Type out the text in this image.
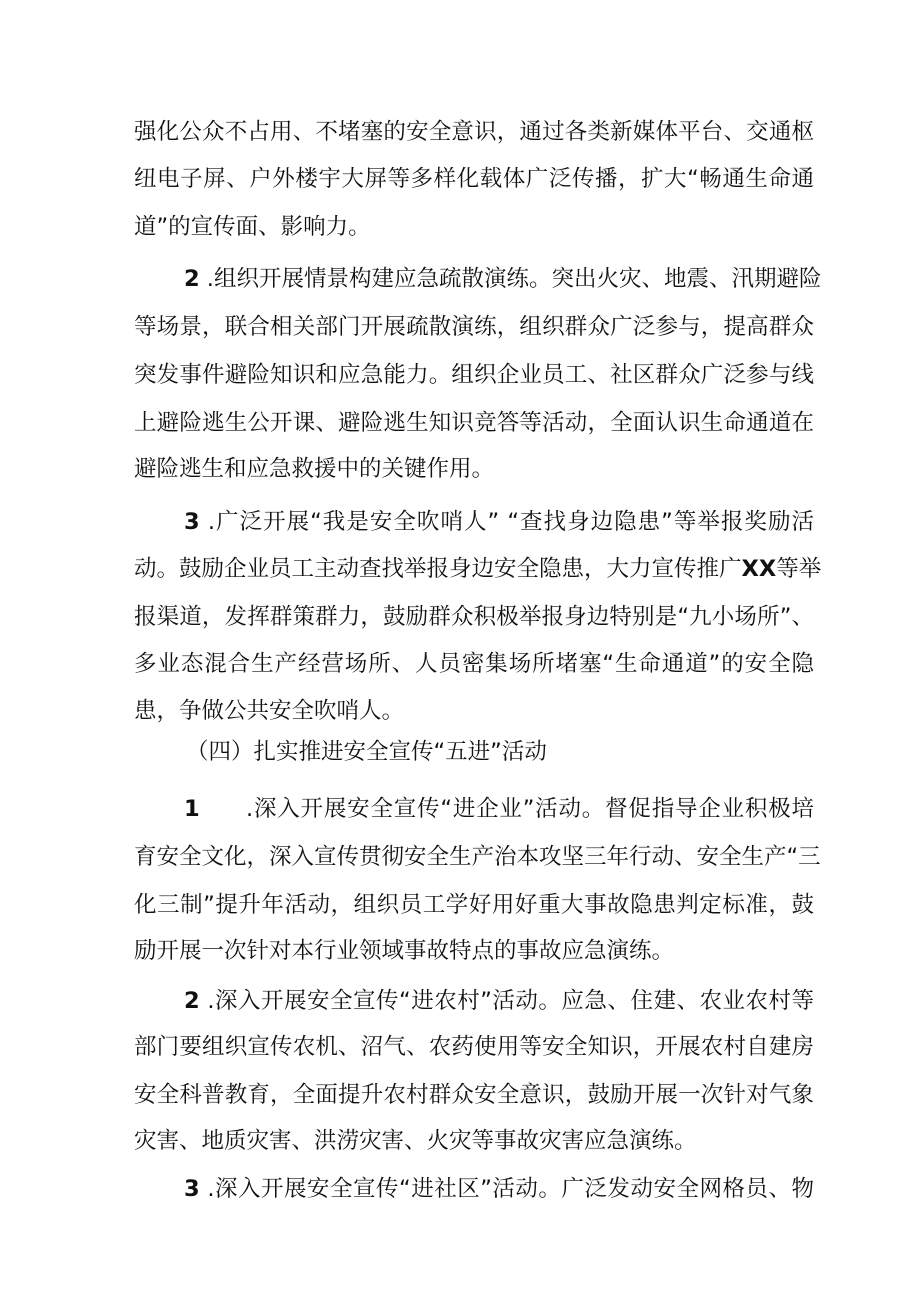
强化公众不占用、不堵塞的安全意识，通过各类新媒体平台、交通枢
纽电子屏、户外楼宇大屏等多样化载体广泛传播，扩大“畅通生命通
道”的宣传面、影响力。
2 .组织开展情景构建应急疏散演练。突出火灾、地震、汛期避险
等场景，联合相关部门开展疏散演练，组织群众广泛参与，提高群众
突发事件避险知识和应急能力。组织企业员工、社区群众广泛参与线
上避险逃生公开课、避险逃生知识竞答等活动，全面认识生命通道在
避险逃生和应急救援中的关键作用。
3 .广泛开展“我是安全吹哨人” “查找身边隐患”等举报奖励活
动。鼓励企业员工主动查找举报身边安全隐患，大力宣传推广XX等举
报渠道，发挥群策群力，鼓励群众积极举报身边特别是“九小场所”、
多业态混合生产经营场所、人员密集场所堵塞“生命通道”的安全隐
患，争做公共安全吹哨人。
（四）扎实推进安全宣传“五进”活动
1 .深入开展安全宣传“进企业”活动。督促指导企业积极培
育安全文化，深入宣传贯彻安全生产治本攻坚三年行动、安全生产“三
化三制”提升年活动，组织员工学好用好重大事故隐患判定标准，鼓
励开展一次针对本行业领域事故特点的事故应急演练。
2 .深入开展安全宣传“进农村”活动。应急、住建、农业农村等
部门要组织宣传农机、沼气、农药使用等安全知识，开展农村自建房
安全科普教育，全面提升农村群众安全意识，鼓励开展一次针对气象
灾害、地质灾害、洪涝灾害、火灾等事故灾害应急演练。
3 .深入开展安全宣传“进社区”活动。广泛发动安全网格员、物
